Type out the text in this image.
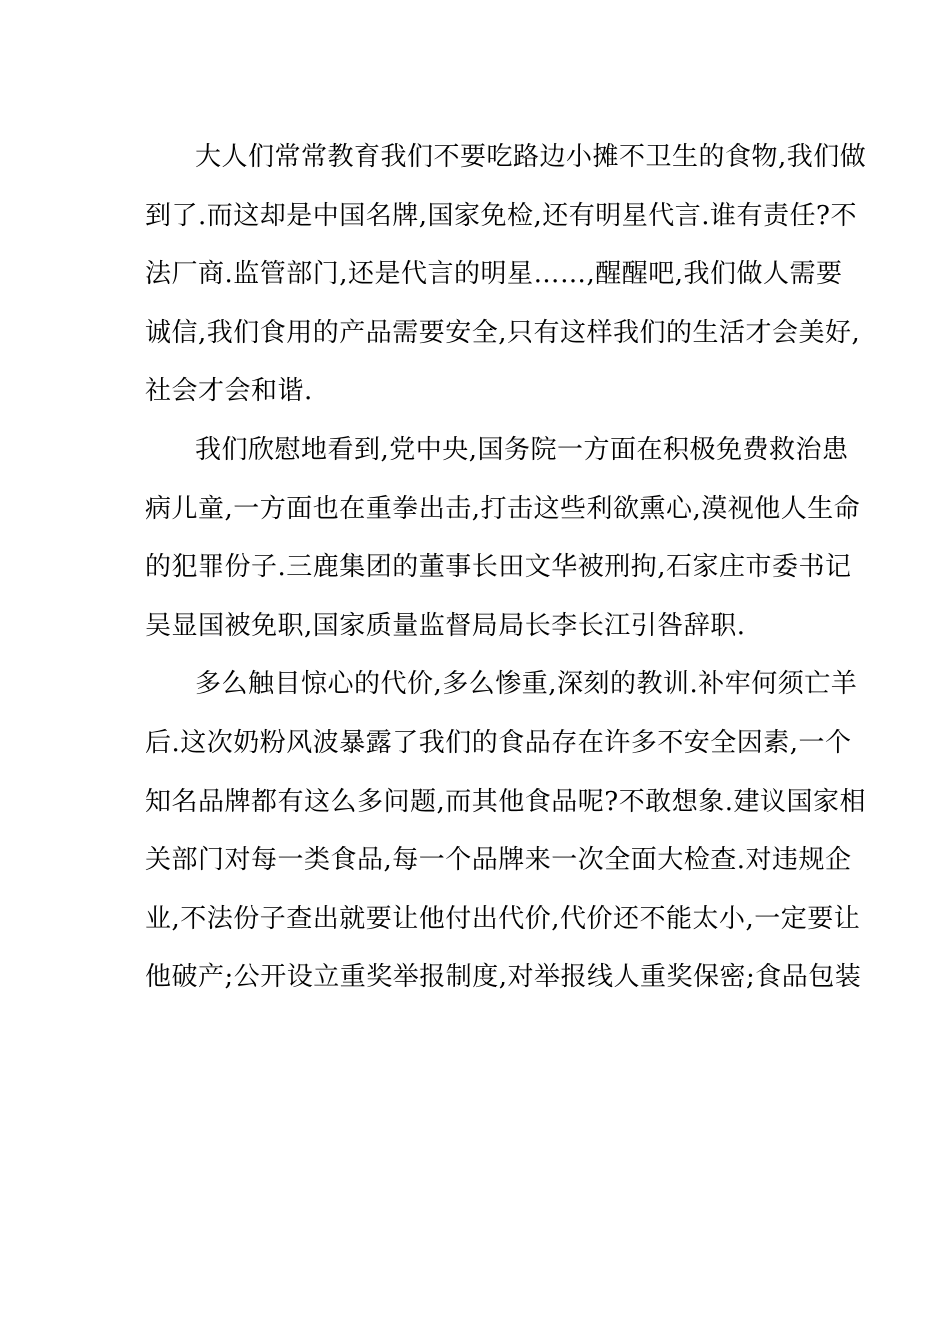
大人们常常教育我们不要吃路边小摊不卫生的食物,我们做
到了.而这却是中国名牌,国家免检,还有明星代言.谁有责任?不
法厂商.监管部门,还是代言的明星……,醒醒吧,我们做人需要
诚信,我们食用的产品需要安全,只有这样我们的生活才会美好,
社会才会和谐.
我们欣慰地看到,党中央,国务院一方面在积极免费救治患
病儿童,一方面也在重拳出击,打击这些利欲熏心,漠视他人生命
的犯罪份子.三鹿集团的董事长田文华被刑拘,石家庄市委书记
吴显国被免职,国家质量监督局局长李长江引咎辞职.
多么触目惊心的代价,多么惨重,深刻的教训.补牢何须亡羊
后.这次奶粉风波暴露了我们的食品存在许多不安全因素,一个
知名品牌都有这么多问题,而其他食品呢?不敢想象.建议国家相
关部门对每一类食品,每一个品牌来一次全面大检查.对违规企
业,不法份子查出就要让他付出代价,代价还不能太小,一定要让
他破产;公开设立重奖举报制度,对举报线人重奖保密;食品包装
